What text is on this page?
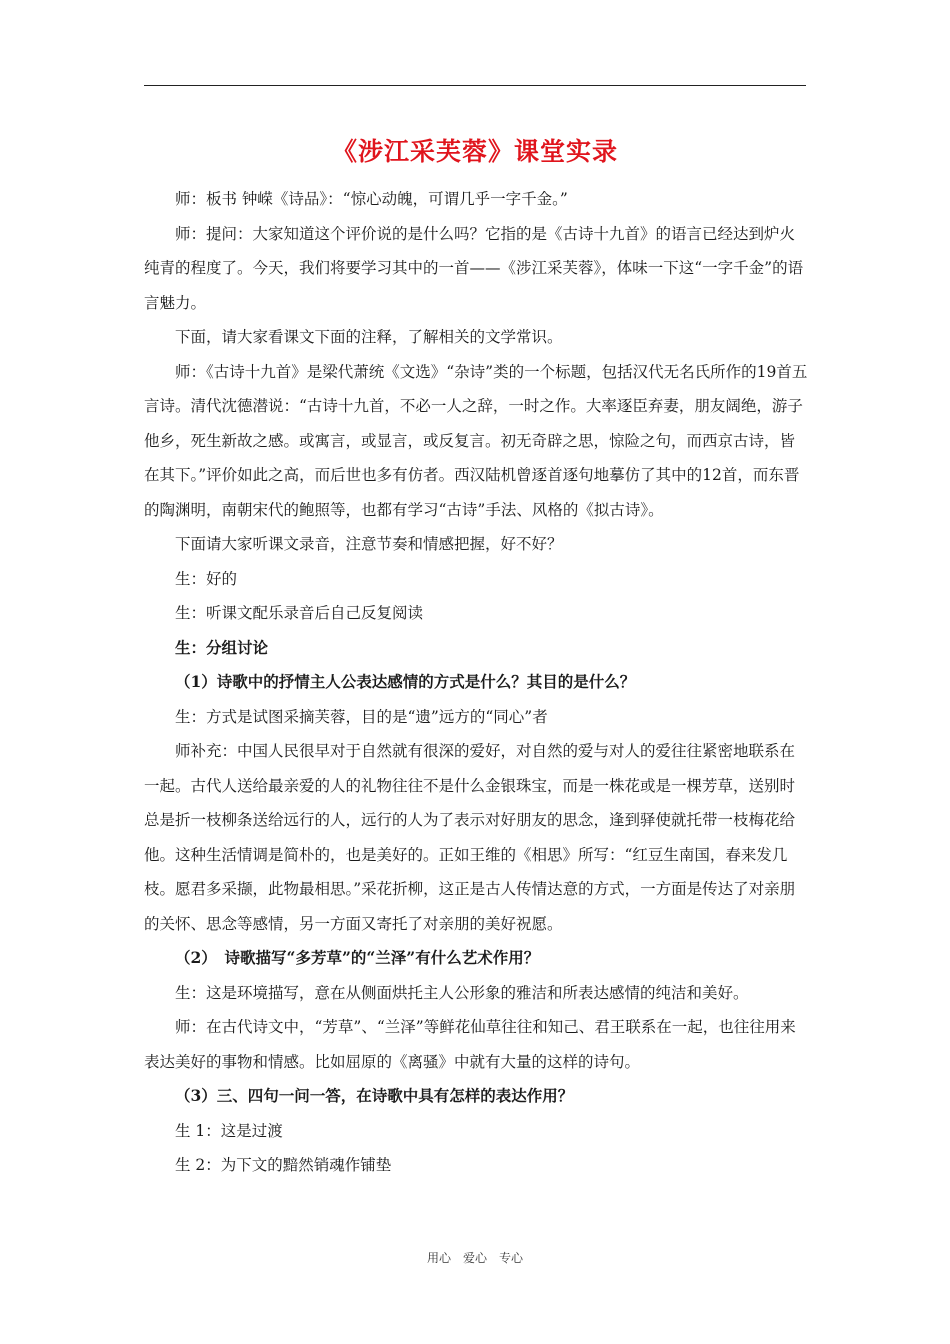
《涉江采芙蓉》课堂实录

师：板书 钟嵘《诗品》：“惊心动魄，可谓几乎一字千金。”

师：提问：大家知道这个评价说的是什么吗？它指的是《古诗十九首》的语言已经达到炉火纯青的程度了。今天，我们将要学习其中的一首——《涉江采芙蓉》，体味一下这“一字千金”的语言魅力。

下面，请大家看课文下面的注释，了解相关的文学常识。

师：《古诗十九首》是梁代萧统《文选》“杂诗”类的一个标题，包括汉代无名氏所作的19首五言诗。清代沈德潜说：“古诗十九首，不必一人之辞，一时之作。大率逐臣弃妻，朋友阔绝，游子他乡，死生新故之感。或寓言，或显言，或反复言。初无奇辟之思，惊险之句，而西京古诗，皆在其下。”评价如此之高，而后世也多有仿者。西汉陆机曾逐首逐句地摹仿了其中的12首，而东晋的陶渊明，南朝宋代的鲍照等，也都有学习“古诗”手法、风格的《拟古诗》。

下面请大家听课文录音，注意节奏和情感把握，好不好？

生：好的

生：听课文配乐录音后自己反复阅读

生：分组讨论

（1）诗歌中的抒情主人公表达感情的方式是什么？其目的是什么？

生：方式是试图采摘芙蓉，目的是“遗”远方的“同心”者

师补充：中国人民很早对于自然就有很深的爱好，对自然的爱与对人的爱往往紧密地联系在一起。古代人送给最亲爱的人的礼物往往不是什么金银珠宝，而是一株花或是一棵芳草，送别时总是折一枝柳条送给远行的人，远行的人为了表示对好朋友的思念，逢到驿使就托带一枝梅花给他。这种生活情调是简朴的，也是美好的。正如王维的《相思》所写：“红豆生南国，春来发几枝。愿君多采撷，此物最相思。”采花折柳，这正是古人传情达意的方式，一方面是传达了对亲朋的关怀、思念等感情，另一方面又寄托了对亲朋的美好祝愿。

（2）　诗歌描写“多芳草”的“兰泽”有什么艺术作用？

生：这是环境描写，意在从侧面烘托主人公形象的雅洁和所表达感情的纯洁和美好。

师：在古代诗文中，“芳草”、“兰泽”等鲜花仙草往往和知己、君王联系在一起，也往往用来表达美好的事物和情感。比如屈原的《离骚》中就有大量的这样的诗句。

（3）三、四句一问一答，在诗歌中具有怎样的表达作用？

生 1：这是过渡

生 2：为下文的黯然销魂作铺垫

用心　爱心　专心
